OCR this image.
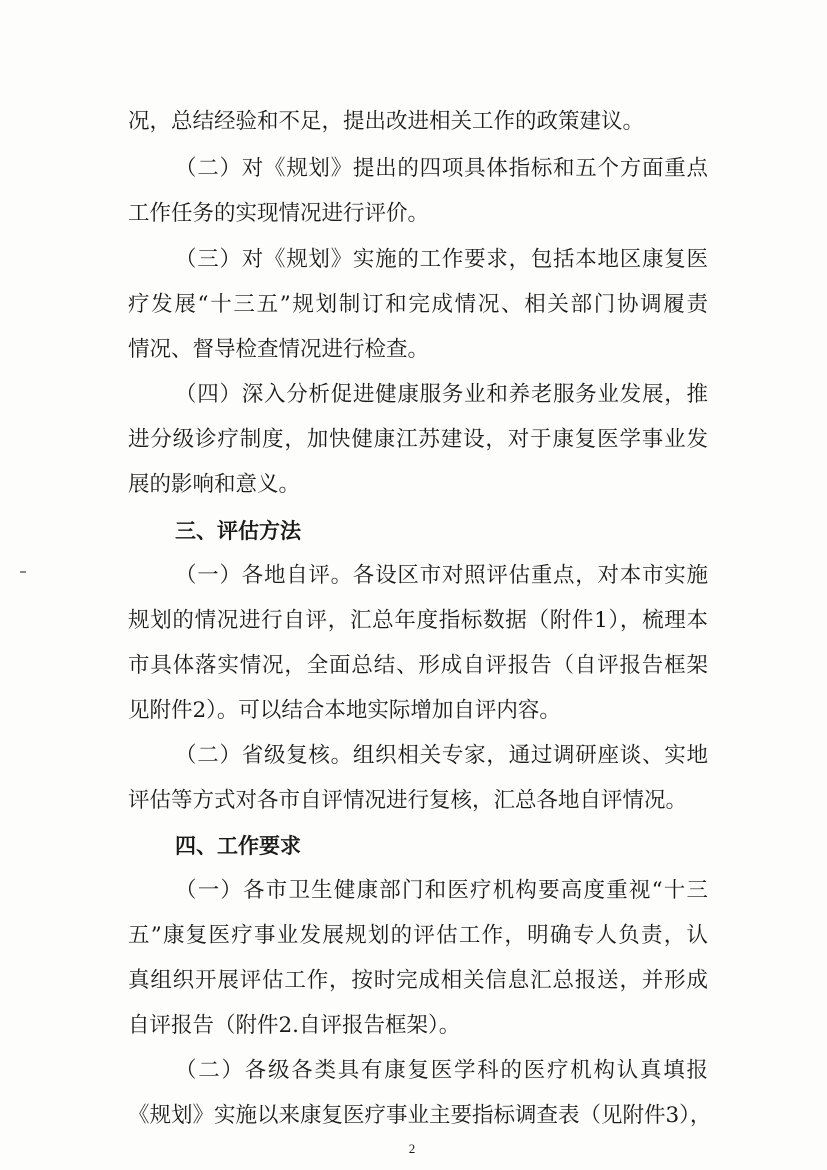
况，总结经验和不足，提出改进相关工作的政策建议。
（二）对《规划》提出的四项具体指标和五个方面重点
工作任务的实现情况进行评价。
（三）对《规划》实施的工作要求，包括本地区康复医
疗发展“十三五”规划制订和完成情况、相关部门协调履责
情况、督导检查情况进行检查。
（四）深入分析促进健康服务业和养老服务业发展，推
进分级诊疗制度，加快健康江苏建设，对于康复医学事业发
展的影响和意义。
三、评估方法
（一）各地自评。各设区市对照评估重点，对本市实施
规划的情况进行自评，汇总年度指标数据（附件1），梳理本
市具体落实情况，全面总结、形成自评报告（自评报告框架
见附件2）。可以结合本地实际增加自评内容。
（二）省级复核。组织相关专家，通过调研座谈、实地
评估等方式对各市自评情况进行复核，汇总各地自评情况。
四、工作要求
（一）各市卫生健康部门和医疗机构要高度重视“十三
五”康复医疗事业发展规划的评估工作，明确专人负责，认
真组织开展评估工作，按时完成相关信息汇总报送，并形成
自评报告（附件2.自评报告框架）。
（二）各级各类具有康复医学科的医疗机构认真填报
《规划》实施以来康复医疗事业主要指标调查表（见附件3），
2
